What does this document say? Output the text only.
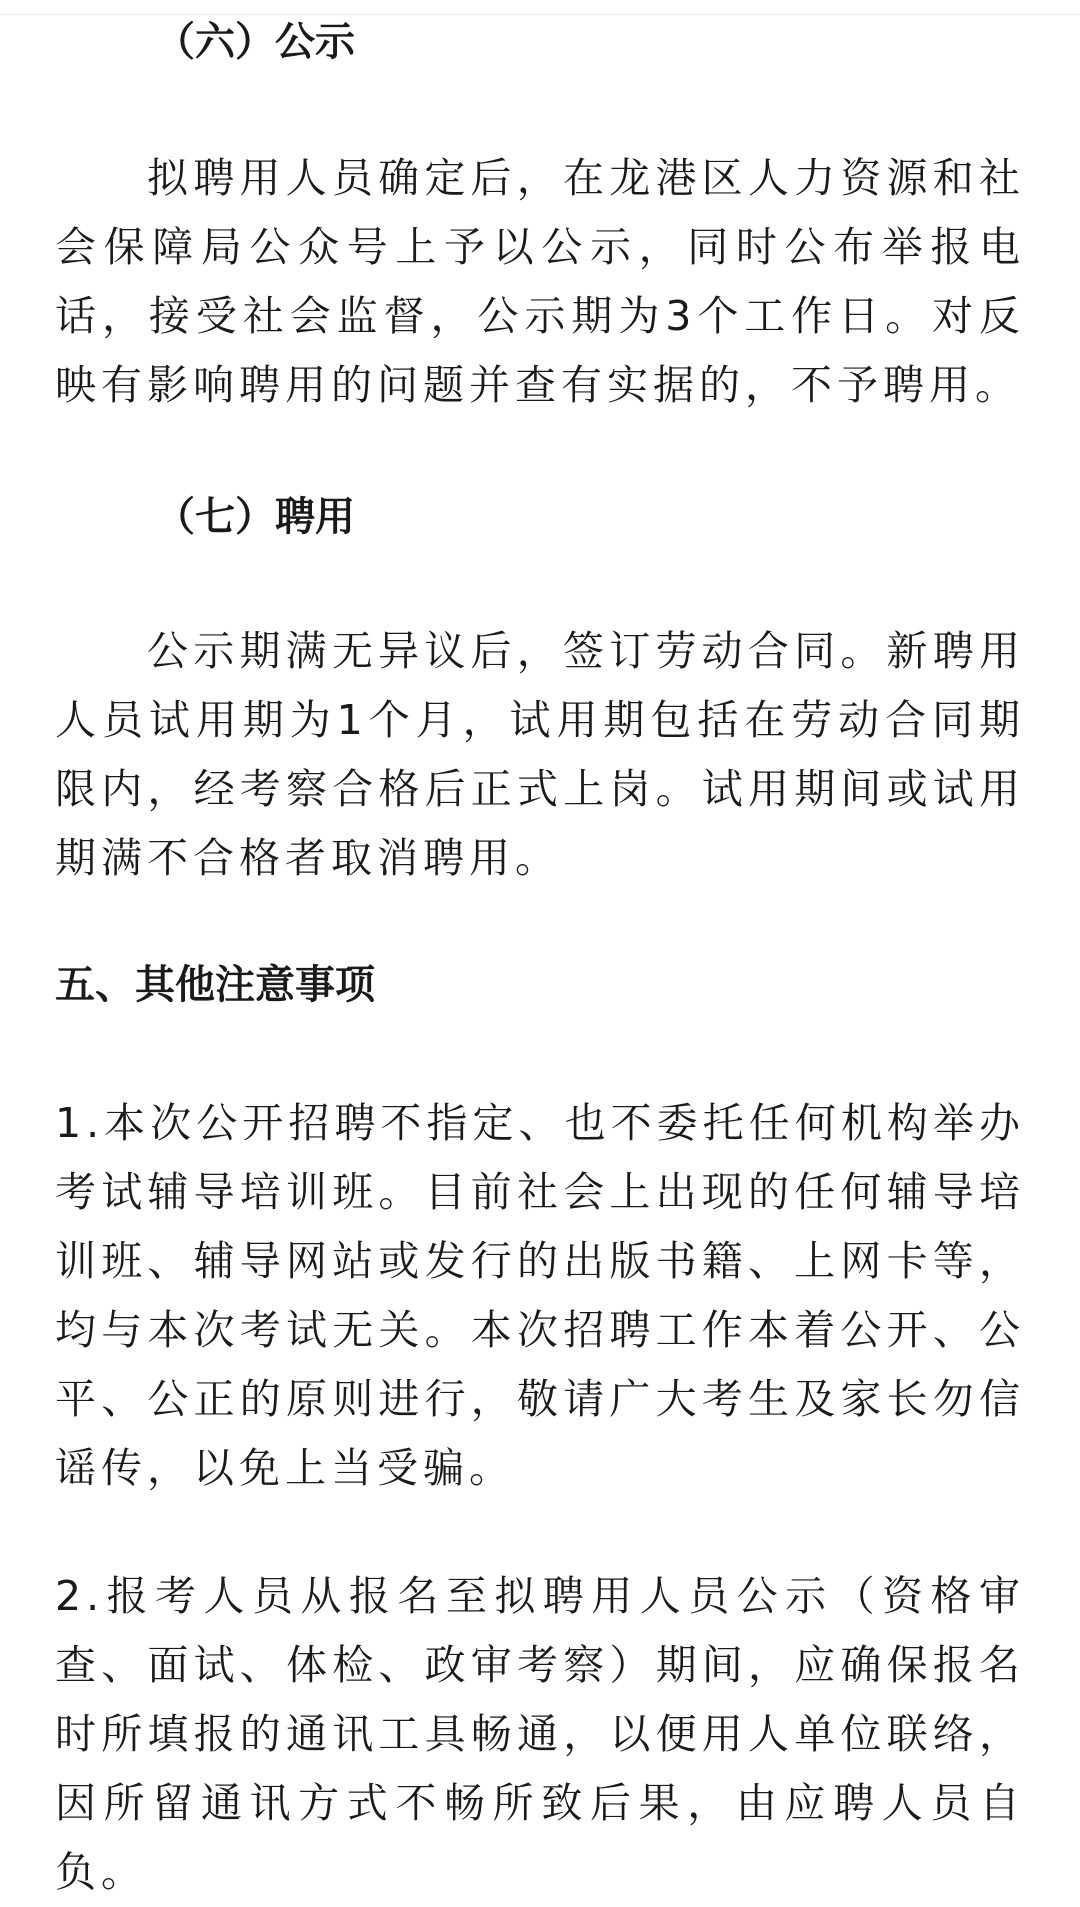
（六）公示

拟聘用人员确定后，在龙港区人力资源和社会保障局公众号上予以公示，同时公布举报电话，接受社会监督，公示期为3个工作日。对反映有影响聘用的问题并查有实据的，不予聘用。

（七）聘用

公示期满无异议后，签订劳动合同。新聘用人员试用期为1个月，试用期包括在劳动合同期限内，经考察合格后正式上岗。试用期间或试用期满不合格者取消聘用。

五、其他注意事项

1.本次公开招聘不指定、也不委托任何机构举办考试辅导培训班。目前社会上出现的任何辅导培训班、辅导网站或发行的出版书籍、上网卡等，均与本次考试无关。本次招聘工作本着公开、公平、公正的原则进行，敬请广大考生及家长勿信谣传，以免上当受骗。

2.报考人员从报名至拟聘用人员公示（资格审查、面试、体检、政审考察）期间，应确保报名时所填报的通讯工具畅通，以便用人单位联络，因所留通讯方式不畅所致后果，由应聘人员自负。
